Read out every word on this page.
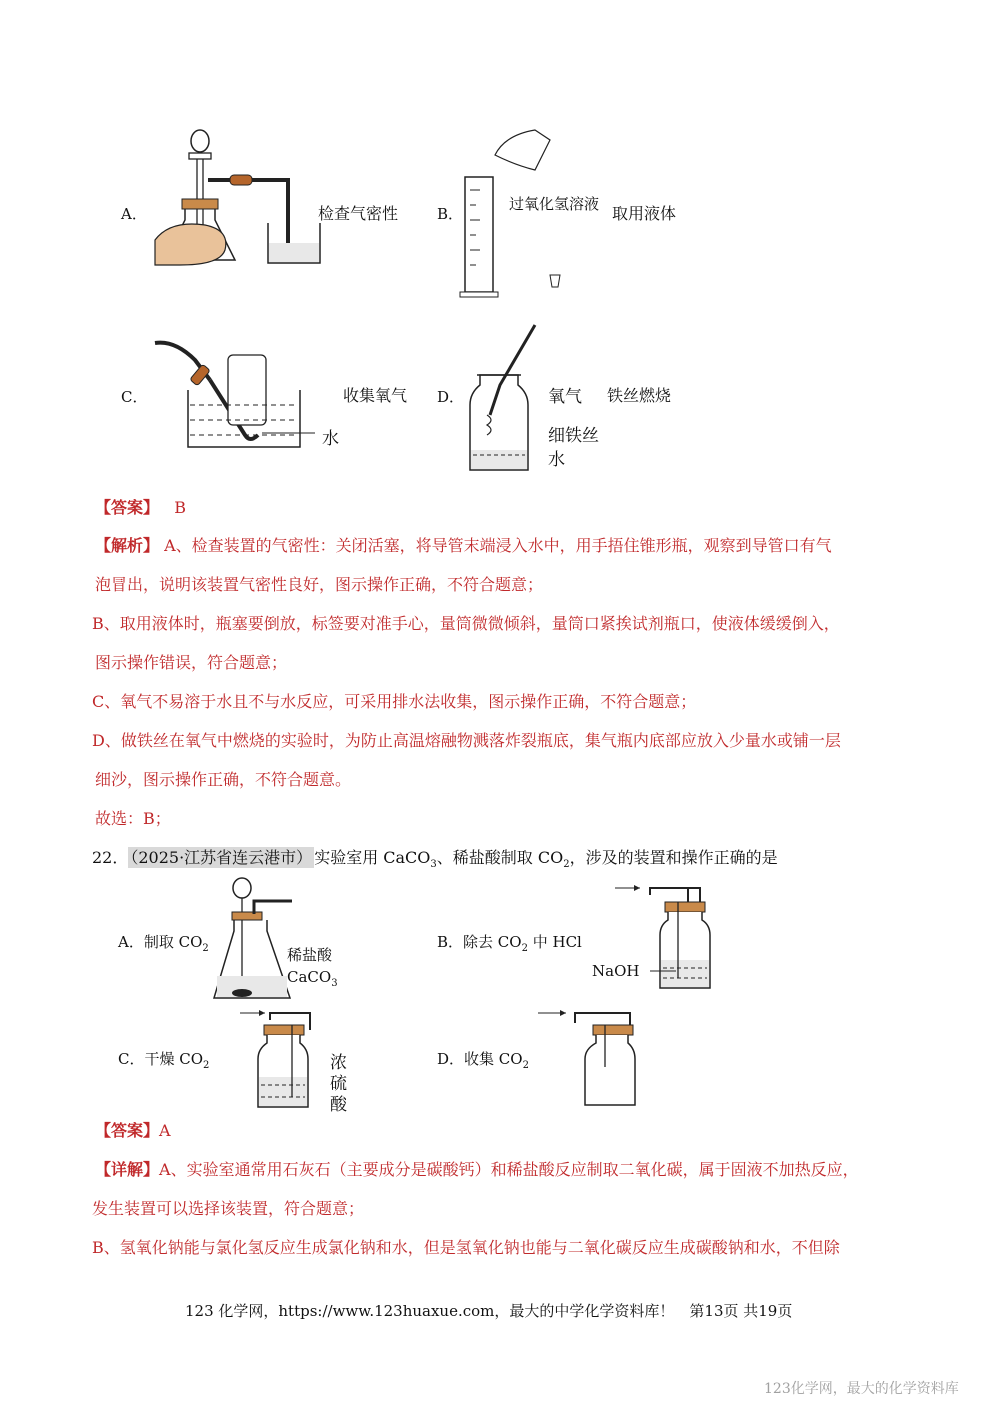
A．	检查气密性	B．
过氧化氢溶液 取用液体
C．	收集氧气
水
D．	氧气
细铁丝
水
铁丝燃烧
【答案】 B
【解析】 A、检查装置的气密性：关闭活塞，将导管末端浸入水中，用手捂住锥形瓶，观察到导管口有气
泡冒出，说明该装置气密性良好，图示操作正确，不符合题意；
B、取用液体时，瓶塞要倒放，标签要对准手心，量筒微微倾斜，量筒口紧挨试剂瓶口，使液体缓缓倒入，
图示操作错误，符合题意；
C、氧气不易溶于水且不与水反应，可采用排水法收集，图示操作正确，不符合题意；
D、做铁丝在氧气中燃烧的实验时，为防止高温熔融物溅落炸裂瓶底，集气瓶内底部应放入少量水或铺一层
细沙，图示操作正确，不符合题意。
故选：B；
22． （2025·江苏省连云港市） 实验室用 CaCO$_3$、稀盐酸制取 $CO_2$，涉及的装置和操作正确的是
A．制取 $CO_2$	稀盐酸
CaCO$_3$
B．除去 $CO_2$ 中 HCl
NaOH
C．干燥 $CO_2$	浓
硫
酸
D．收集 $CO_2$
【答案】A
【详解】A、实验室通常用石灰石（主要成分是碳酸钙）和稀盐酸反应制取二氧化碳，属于固液不加热反应，
发生装置可以选择该装置，符合题意；
B、氢氧化钠能与氯化氢反应生成氯化钠和水，但是氢氧化钠也能与二氧化碳反应生成碳酸钠和水，不但除
123 化学网，https://www.123huaxue.com，最大的中学化学资料库！　第13页 共19页
123化学网，最大的化学资料库
